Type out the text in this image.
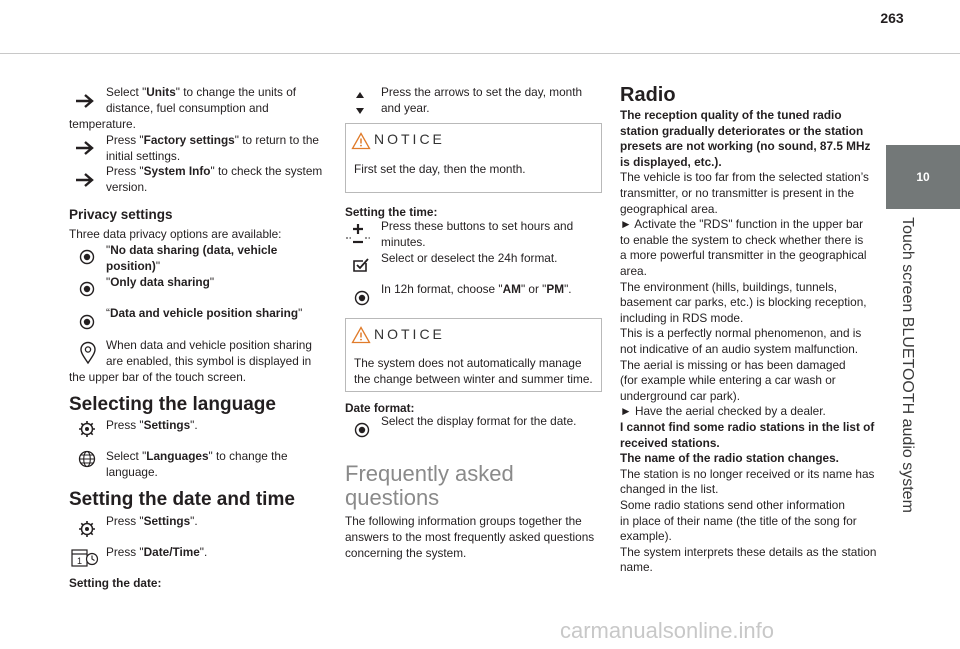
263
10
Touch screen BLUETOOTH audio system
Select "Units" to change the units of
distance, fuel consumption and
temperature.
Press "Factory settings" to return to the
initial settings.
Press "System Info" to check the system
version.
Privacy settings
Three data privacy options are available:
"No data sharing (data, vehicle
position)"
"Only data sharing"
“Data and vehicle position sharing"
When data and vehicle position sharing
are enabled, this symbol is displayed in
the upper bar of the touch screen.
Selecting the language
Press "Settings".
Select "Languages" to change the
language.
Setting the date and time
Press "Settings".
1
Press "Date/Time".
Setting the date:
Press the arrows to set the day, month
and year.
NOTICE
First set the day, then the month.
Setting the time:
Press these buttons to set hours and
minutes.
Select or deselect the 24h format.
In 12h format, choose "AM" or "PM".
NOTICE
The system does not automatically manage
the change between winter and summer time.
Date format:
Select the display format for the date.
Frequently asked
questions
The following information groups together the
answers to the most frequently asked questions
concerning the system.
Radio
The reception quality of the tuned radio
station gradually deteriorates or the station
presets are not working (no sound, 87.5 MHz
is displayed, etc.).
The vehicle is too far from the selected station’s
transmitter, or no transmitter is present in the
geographical area.
► Activate the "RDS" function in the upper bar
to enable the system to check whether there is
a more powerful transmitter in the geographical
area.
The environment (hills, buildings, tunnels,
basement car parks, etc.) is blocking reception,
including in RDS mode.
This is a perfectly normal phenomenon, and is
not indicative of an audio system malfunction.
The aerial is missing or has been damaged
(for example while entering a car wash or
underground car park).
► Have the aerial checked by a dealer.
I cannot find some radio stations in the list of
received stations.
The name of the radio station changes.
The station is no longer received or its name has
changed in the list.
Some radio stations send other information
in place of their name (the title of the song for
example).
The system interprets these details as the station
name.
carmanualsonline.info
